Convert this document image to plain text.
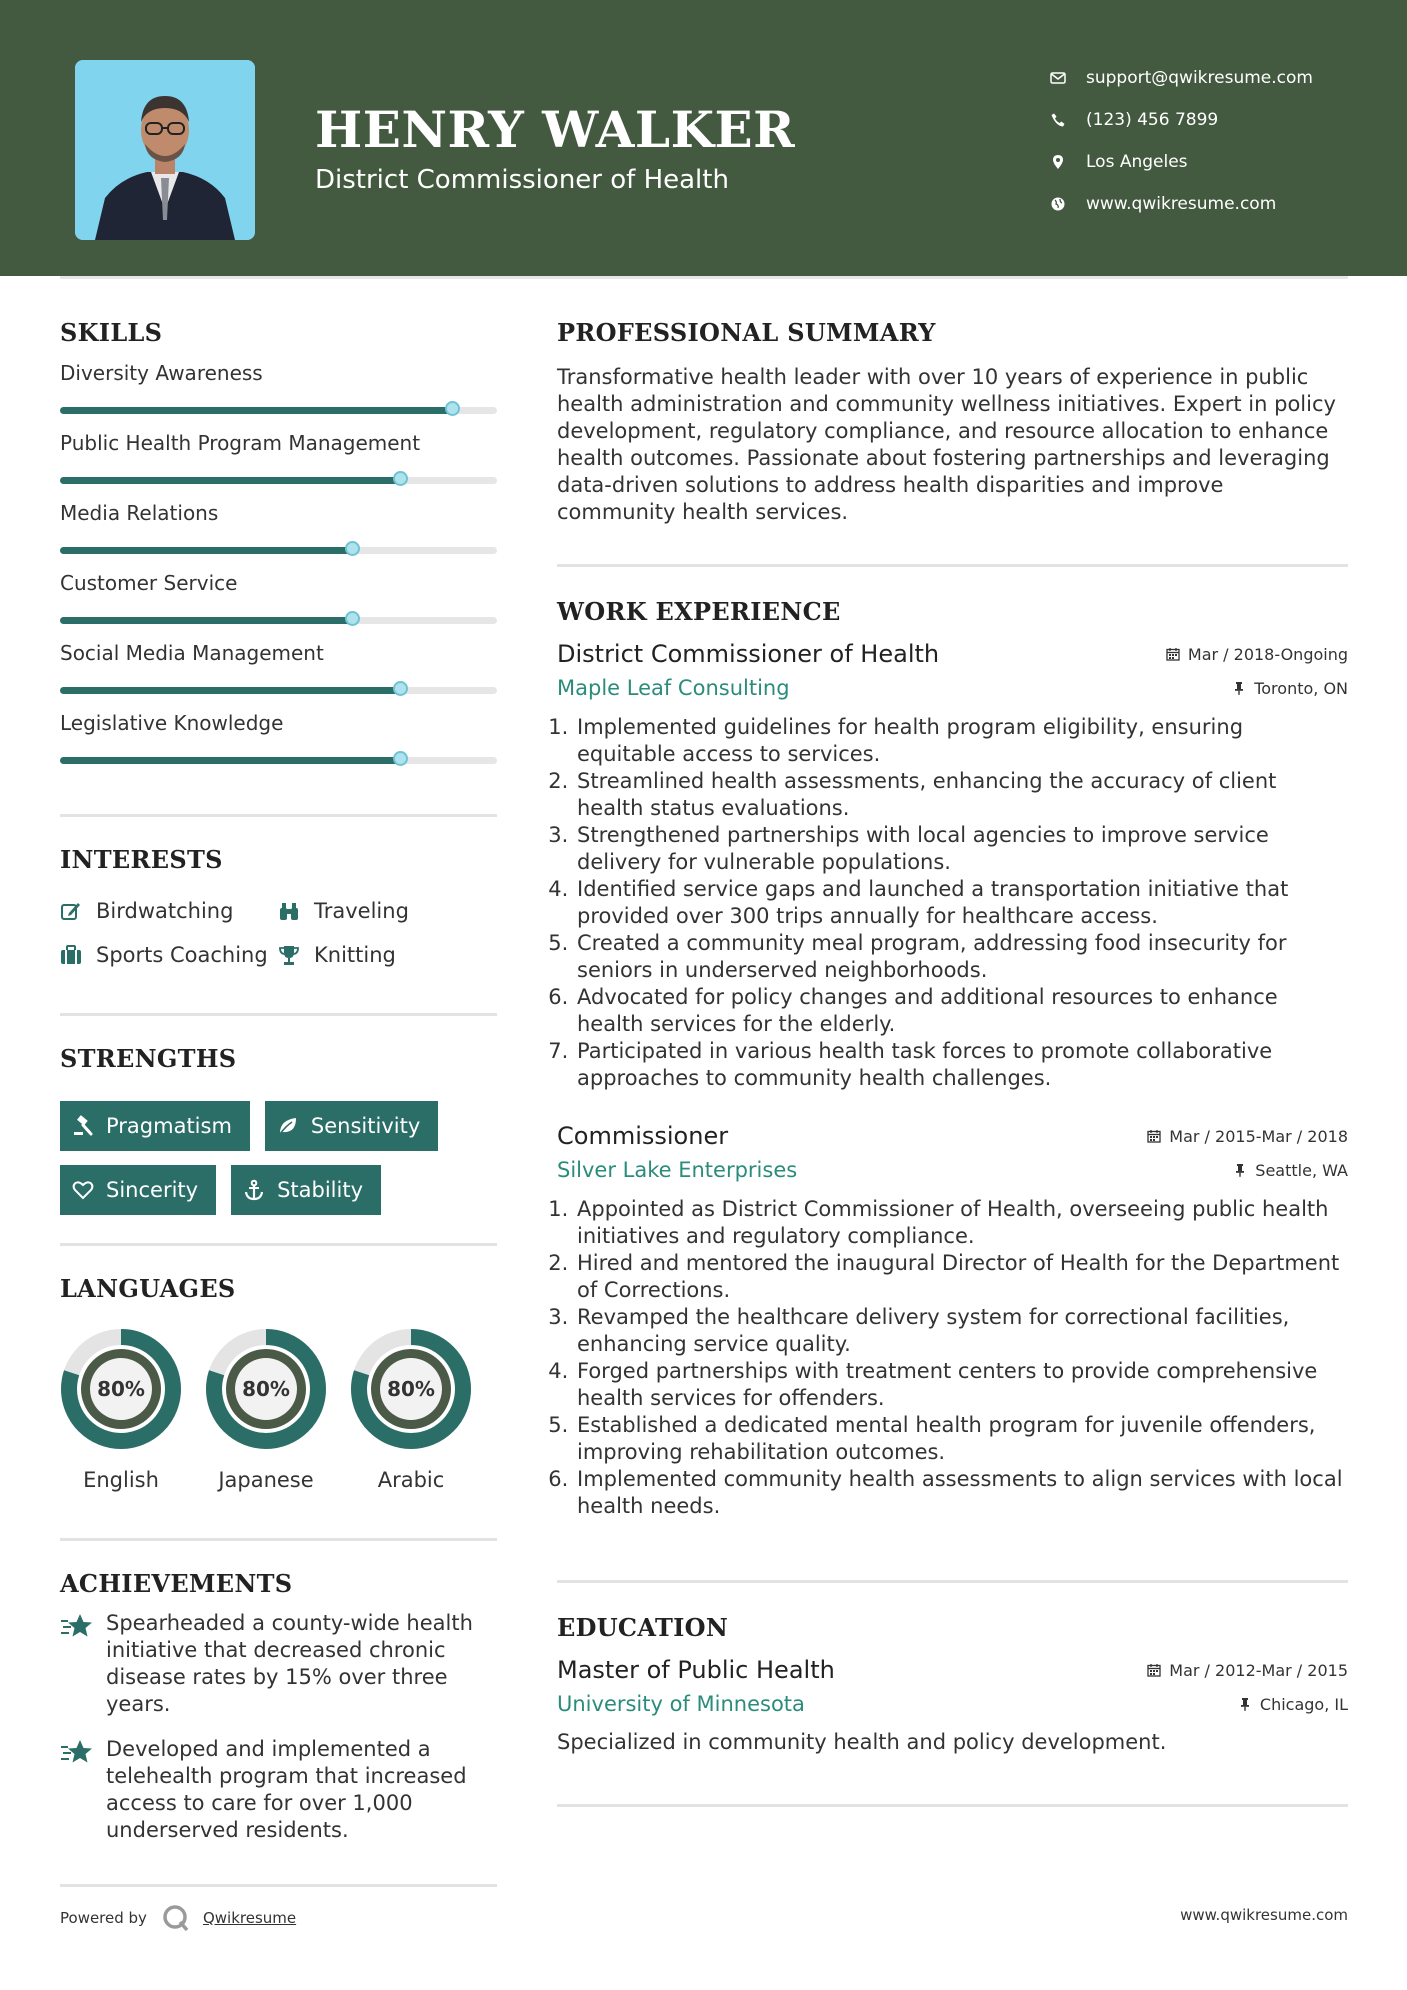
HENRY WALKER
District Commissioner of Health
support@qwikresume.com
(123) 456 7899
Los Angeles
www.qwikresume.com
SKILLS
Diversity Awareness
Public Health Program Management
Media Relations
Customer Service
Social Media Management
Legislative Knowledge
INTERESTS
Birdwatching	Traveling
Sports Coaching Knitting
STRENGTHS
Pragmatism	Sensitivity
Sincerity	Stability
LANGUAGES
80%
English
80%
Japanese
80%
Arabic
ACHIEVEMENTS
Spearheaded a county-wide health initiative that decreased chronic disease rates by 15% over three years.
Developed and implemented a telehealth program that increased access to care for over 1,000 underserved residents.
PROFESSIONAL SUMMARY
Transformative health leader with over 10 years of experience in public health administration and community wellness initiatives. Expert in policy development, regulatory compliance, and resource allocation to enhance health outcomes. Passionate about fostering partnerships and leveraging data-driven solutions to address health disparities and improve community health services.
WORK EXPERIENCE
District Commissioner of Health	Mar / 2018-Ongoing
Maple Leaf Consulting	Toronto, ON
1. Implemented guidelines for health program eligibility, ensuring equitable access to services.
2. Streamlined health assessments, enhancing the accuracy of client health status evaluations.
3. Strengthened partnerships with local agencies to improve service delivery for vulnerable populations.
4. Identified service gaps and launched a transportation initiative that provided over 300 trips annually for healthcare access.
5. Created a community meal program, addressing food insecurity for seniors in underserved neighborhoods.
6. Advocated for policy changes and additional resources to enhance health services for the elderly.
7. Participated in various health task forces to promote collaborative approaches to community health challenges.
Commissioner	Mar / 2015-Mar / 2018
Silver Lake Enterprises	Seattle, WA
1. Appointed as District Commissioner of Health, overseeing public health initiatives and regulatory compliance.
2. Hired and mentored the inaugural Director of Health for the Department of Corrections.
3. Revamped the healthcare delivery system for correctional facilities, enhancing service quality.
4. Forged partnerships with treatment centers to provide comprehensive health services for offenders.
5. Established a dedicated mental health program for juvenile offenders, improving rehabilitation outcomes.
6. Implemented community health assessments to align services with local health needs.
EDUCATION
Master of Public Health	Mar / 2012-Mar / 2015
University of Minnesota	Chicago, IL
Specialized in community health and policy development.
Powered by	Qwikresume	www.qwikresume.com
